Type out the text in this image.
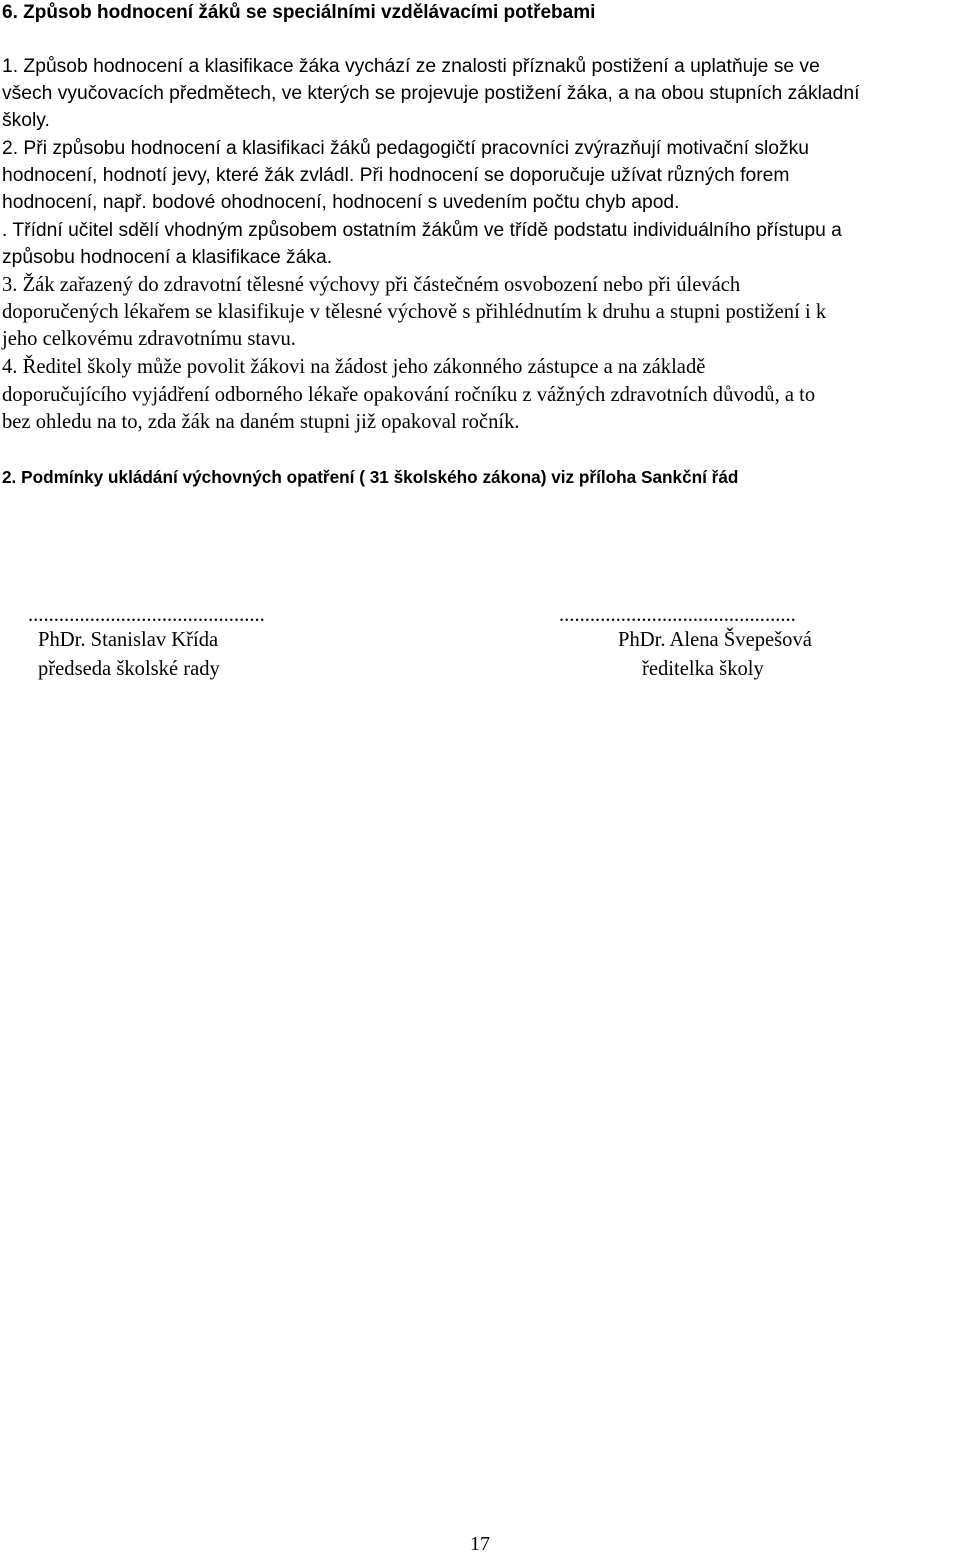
6. Způsob hodnocení žáků se speciálními vzdělávacími potřebami
1. Způsob hodnocení a klasifikace žáka vychází ze znalosti příznaků postižení a uplatňuje se ve
všech vyučovacích předmětech, ve kterých se projevuje postižení žáka, a na obou stupních základní
školy.
2. Při způsobu hodnocení a klasifikaci žáků pedagogičtí pracovníci zvýrazňují motivační složku
hodnocení, hodnotí jevy, které žák zvládl. Při hodnocení se doporučuje užívat různých forem
hodnocení, např. bodové ohodnocení, hodnocení s uvedením počtu chyb apod.
. Třídní učitel sdělí vhodným způsobem ostatním žákům ve třídě podstatu individuálního přístupu a
způsobu hodnocení a klasifikace žáka.
3. Žák zařazený do zdravotní tělesné výchovy při částečném osvobození nebo při úlevách
doporučených lékařem se klasifikuje v tělesné výchově s přihlédnutím k druhu a stupni postižení i k
jeho celkovému zdravotnímu stavu.
4. Ředitel školy může povolit žákovi na žádost jeho zákonného zástupce a na základě
doporučujícího vyjádření odborného lékaře opakování ročníku z vážných zdravotních důvodů, a to
bez ohledu na to, zda žák na daném stupni již opakoval ročník.
2. Podmínky ukládání výchovných opatření ( 31 školského zákona) viz příloha Sankční řád
..............................................
PhDr. Stanislav Křída
předseda školské rady
..............................................
PhDr. Alena Švepešová
ředitelka školy
17
